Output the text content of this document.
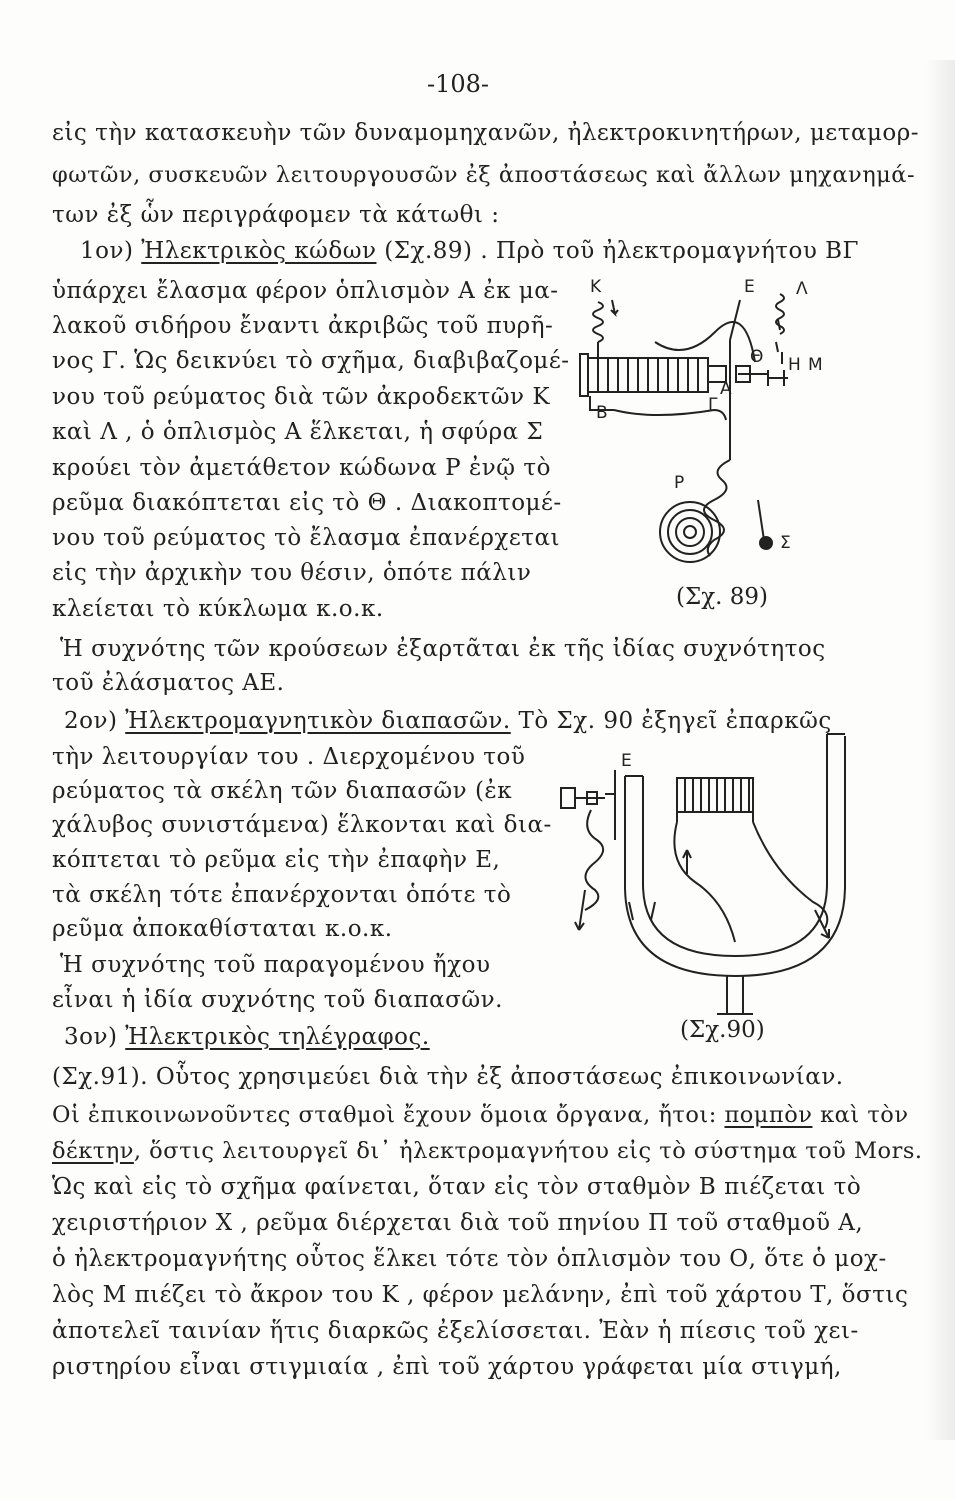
-108-
εἰς τὴν κατασκευὴν τῶν δυναμομηχανῶν, ἠλεκτροκινητήρων, μεταμορ-
φωτῶν, συσκευῶν λειτουργουσῶν ἐξ ἀποστάσεως καὶ ἄλλων μηχανημά-
των ἐξ ὧν περιγράφομεν τὰ κάτωθι :
1ον) Ἠλεκτρικὸς κώδων (Σχ.89) . Πρὸ τοῦ ἠλεκτρομαγνήτου ΒΓ
ὑπάρχει ἔλασμα φέρον ὁπλισμὸν Α ἐκ μα-
λακοῦ σιδήρου ἔναντι ἀκριβῶς τοῦ πυρῆ-
νος Γ. Ὡς δεικνύει τὸ σχῆμα, διαβιβαζομέ-
νου τοῦ ρεύματος διὰ τῶν ἀκροδεκτῶν Κ
καὶ Λ , ὁ ὁπλισμὸς Α ἕλκεται, ἡ σφύρα Σ
κρούει τὸν ἀμετάθετον κώδωνα Ρ ἐνῷ τὸ
ρεῦμα διακόπτεται εἰς τὸ Θ . Διακοπτομέ-
νου τοῦ ρεύματος τὸ ἔλασμα ἐπανέρχεται
εἰς τὴν ἀρχικὴν του θέσιν, ὁπότε πάλιν
κλείεται τὸ κύκλωμα κ.ο.κ.
Κ	Ε Λ
Θ Η Μ
Α
Β	Γ
Ρ
Σ
(Σχ. 89)
Ἡ συχνότης τῶν κρούσεων ἐξαρτᾶται ἐκ τῆς ἰδίας συχνότητος
τοῦ ἐλάσματος ΑΕ.
2ον) Ἠλεκτρομαγνητικὸν διαπασῶν. Τὸ Σχ. 90 ἐξηγεῖ ἐπαρκῶς
τὴν λειτουργίαν του . Διερχομένου τοῦ
ρεύματος τὰ σκέλη τῶν διαπασῶν (ἐκ
χάλυβος συνιστάμενα) ἕλκονται καὶ δια-
κόπτεται τὸ ρεῦμα εἰς τὴν ἐπαφὴν Ε,
τὰ σκέλη τότε ἐπανέρχονται ὁπότε τὸ
ρεῦμα ἀποκαθίσταται κ.ο.κ.
Ἡ συχνότης τοῦ παραγομένου ἤχου
εἶναι ἡ ἰδία συχνότης τοῦ διαπασῶν.
Ε
(Σχ.90)
3ον) Ἠλεκτρικὸς τηλέγραφος.
(Σχ.91). Οὗτος χρησιμεύει διὰ τὴν ἐξ ἀποστάσεως ἐπικοινωνίαν.
Οἱ ἐπικοινωνοῦντες σταθμοὶ ἔχουν ὅμοια ὄργανα, ἤτοι: πομπὸν καὶ τὸν
δέκτην, ὅστις λειτουργεῖ δι᾿ ἠλεκτρομαγνήτου εἰς τὸ σύστημα τοῦ Mors.
Ὡς καὶ εἰς τὸ σχῆμα φαίνεται, ὅταν εἰς τὸν σταθμὸν Β πιέζεται τὸ
χειριστήριον Χ , ρεῦμα διέρχεται διὰ τοῦ πηνίου Π τοῦ σταθμοῦ Α,
ὁ ἠλεκτρομαγνήτης οὗτος ἕλκει τότε τὸν ὁπλισμὸν του Ο, ὅτε ὁ μοχ-
λὸς Μ πιέζει τὸ ἄκρον του Κ , φέρον μελάνην, ἐπὶ τοῦ χάρτου Τ, ὅστις
ἀποτελεῖ ταινίαν ἥτις διαρκῶς ἐξελίσσεται. Ἐὰν ἡ πίεσις τοῦ χει-
ριστηρίου εἶναι στιγμιαία , ἐπὶ τοῦ χάρτου γράφεται μία στιγμή,
